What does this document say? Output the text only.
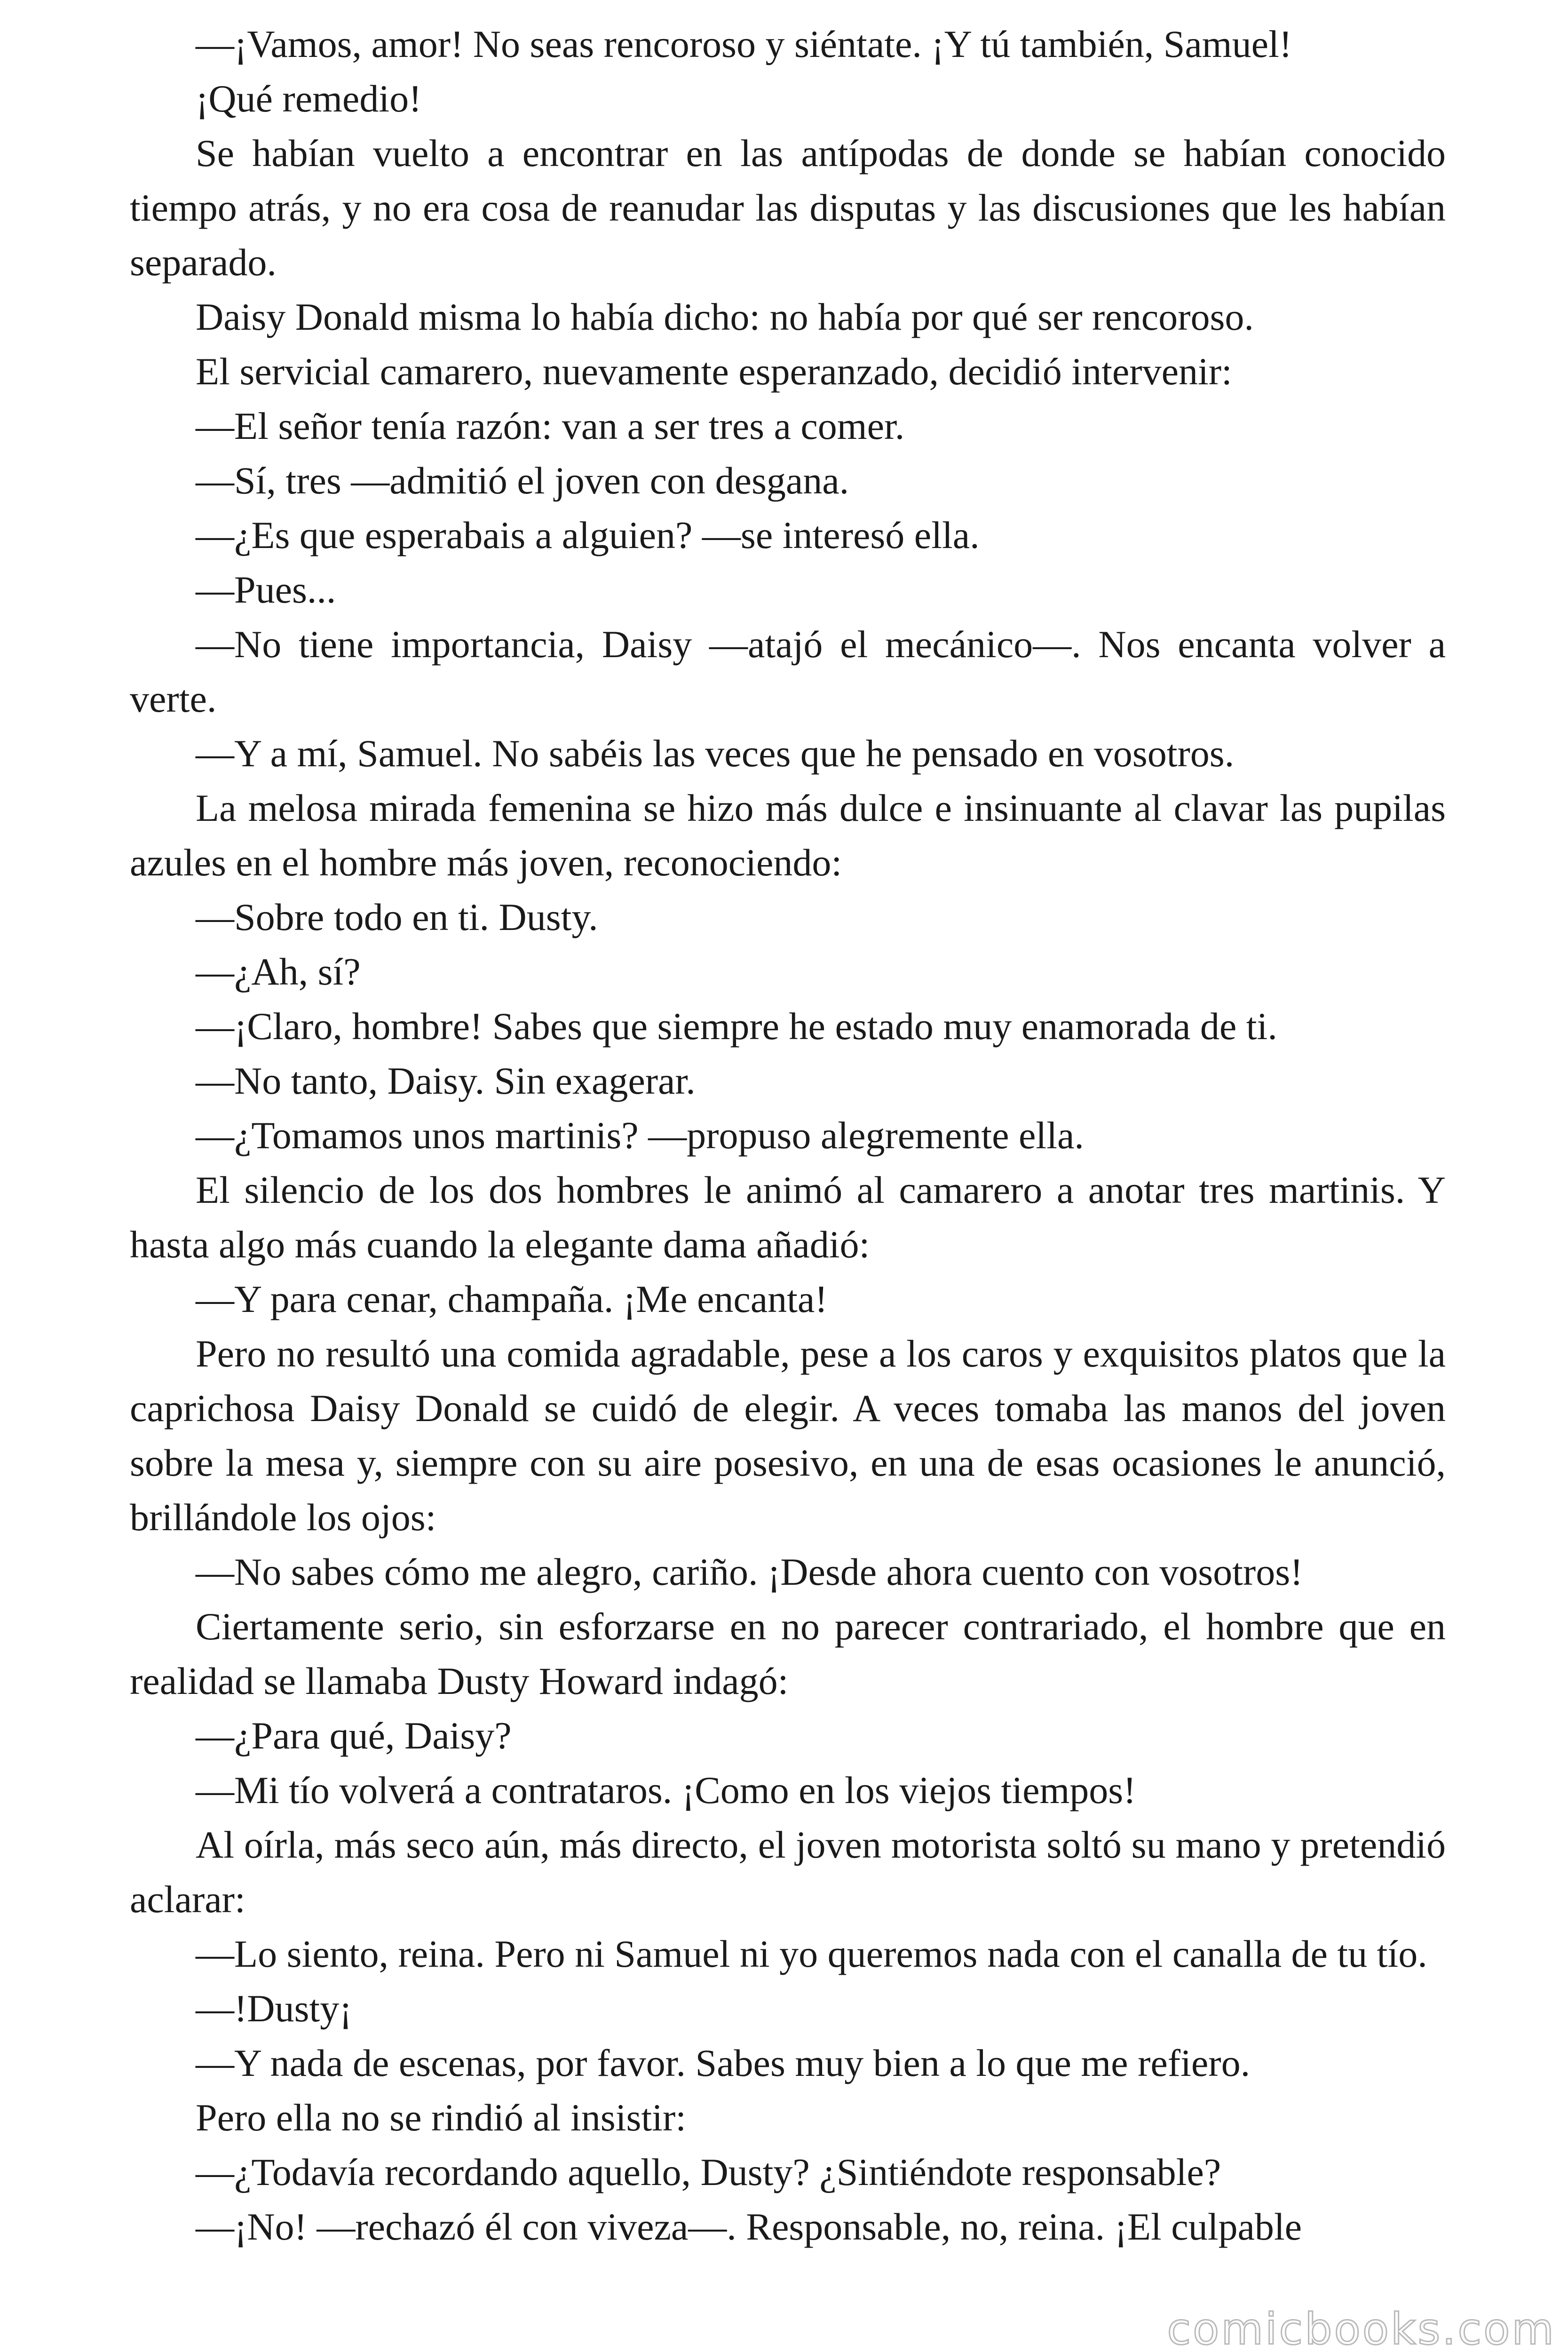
—¡Vamos, amor! No seas rencoroso y siéntate. ¡Y tú también, Samuel!

¡Qué remedio!

Se habían vuelto a encontrar en las antípodas de donde se habían conocido tiempo atrás, y no era cosa de reanudar las disputas y las discusiones que les habían separado.

Daisy Donald misma lo había dicho: no había por qué ser rencoroso.

El servicial camarero, nuevamente esperanzado, decidió intervenir:

—El señor tenía razón: van a ser tres a comer.

—Sí, tres —admitió el joven con desgana.

—¿Es que esperabais a alguien? —se interesó ella.

—Pues...

—No tiene importancia, Daisy —atajó el mecánico—. Nos encanta volver a verte.

—Y a mí, Samuel. No sabéis las veces que he pensado en vosotros.

La melosa mirada femenina se hizo más dulce e insinuante al clavar las pupilas azules en el hombre más joven, reconociendo:

—Sobre todo en ti. Dusty.

—¿Ah, sí?

—¡Claro, hombre! Sabes que siempre he estado muy enamorada de ti.

—No tanto, Daisy. Sin exagerar.

—¿Tomamos unos martinis? —propuso alegremente ella.

El silencio de los dos hombres le animó al camarero a anotar tres martinis. Y hasta algo más cuando la elegante dama añadió:

—Y para cenar, champaña. ¡Me encanta!

Pero no resultó una comida agradable, pese a los caros y exquisitos platos que la caprichosa Daisy Donald se cuidó de elegir. A veces tomaba las manos del joven sobre la mesa y, siempre con su aire posesivo, en una de esas ocasiones le anunció, brillándole los ojos:

—No sabes cómo me alegro, cariño. ¡Desde ahora cuento con vosotros!

Ciertamente serio, sin esforzarse en no parecer contrariado, el hombre que en realidad se llamaba Dusty Howard indagó:

—¿Para qué, Daisy?

—Mi tío volverá a contrataros. ¡Como en los viejos tiempos!

Al oírla, más seco aún, más directo, el joven motorista soltó su mano y pretendió aclarar:

—Lo siento, reina. Pero ni Samuel ni yo queremos nada con el canalla de tu tío.

—!Dusty¡

—Y nada de escenas, por favor. Sabes muy bien a lo que me refiero.

Pero ella no se rindió al insistir:

—¿Todavía recordando aquello, Dusty? ¿Sintiéndote responsable?

—¡No! —rechazó él con viveza—. Responsable, no, reina. ¡El culpable

comicbooks.com
